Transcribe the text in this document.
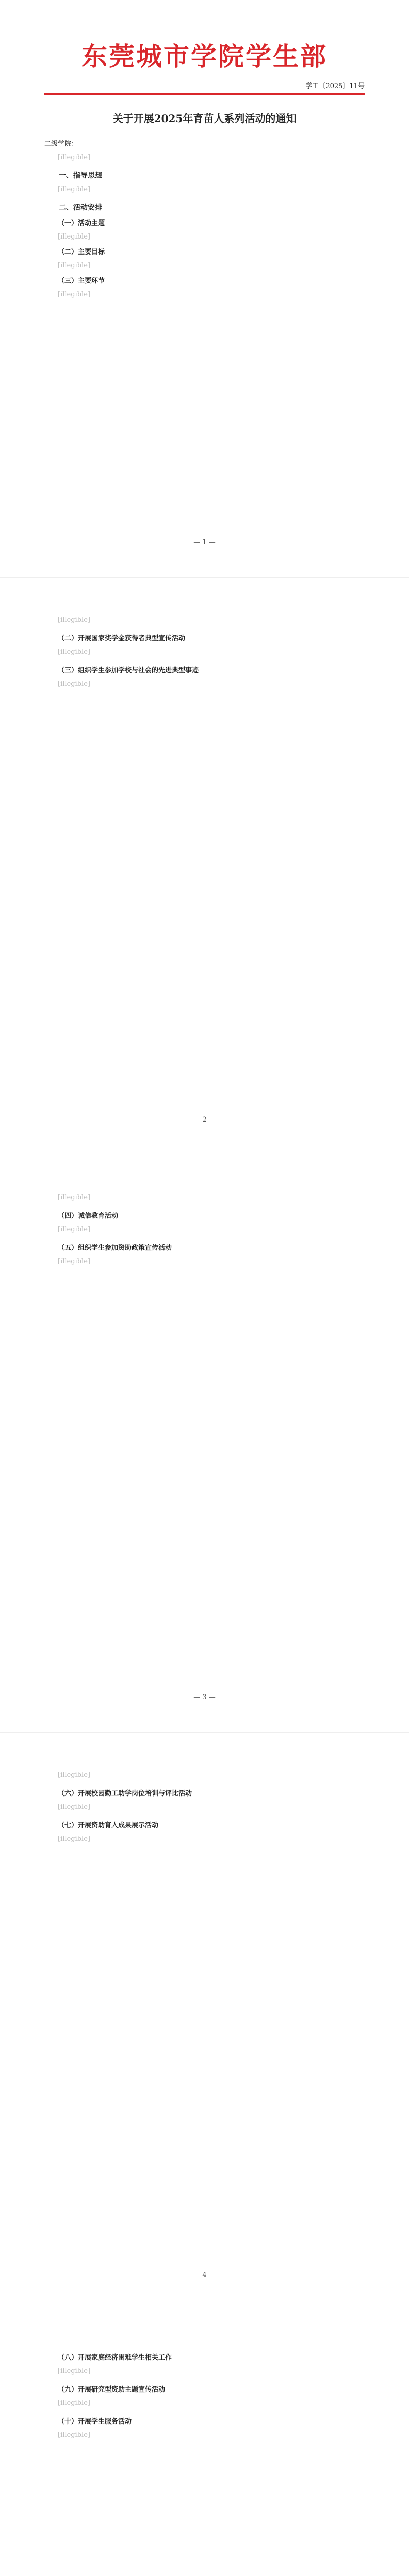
东莞城市学院学生部
学工〔2025〕11号
关于开展2025年育苗人系列活动的通知

二级学院：

[illegible]

一、指导思想

[illegible]

二、活动安排

（一）活动主题

[illegible]

（二）主要目标

[illegible]

（三）主要环节

[illegible]

— 1 —

[illegible]

（二）开展国家奖学金获得者典型宣传活动

[illegible]

（三）组织学生参加学校与社会的先进典型事迹

[illegible]

— 2 —

[illegible]

（四）诚信教育活动

[illegible]

（五）组织学生参加资助政策宣传活动

[illegible]

— 3 —

[illegible]

（六）开展校园勤工助学岗位培训与评比活动

[illegible]

（七）开展资助育人成果展示活动

[illegible]

— 4 —

（八）开展家庭经济困难学生相关工作

[illegible]

（九）开展研究型资助主题宣传活动

[illegible]

（十）开展学生服务活动

[illegible]
